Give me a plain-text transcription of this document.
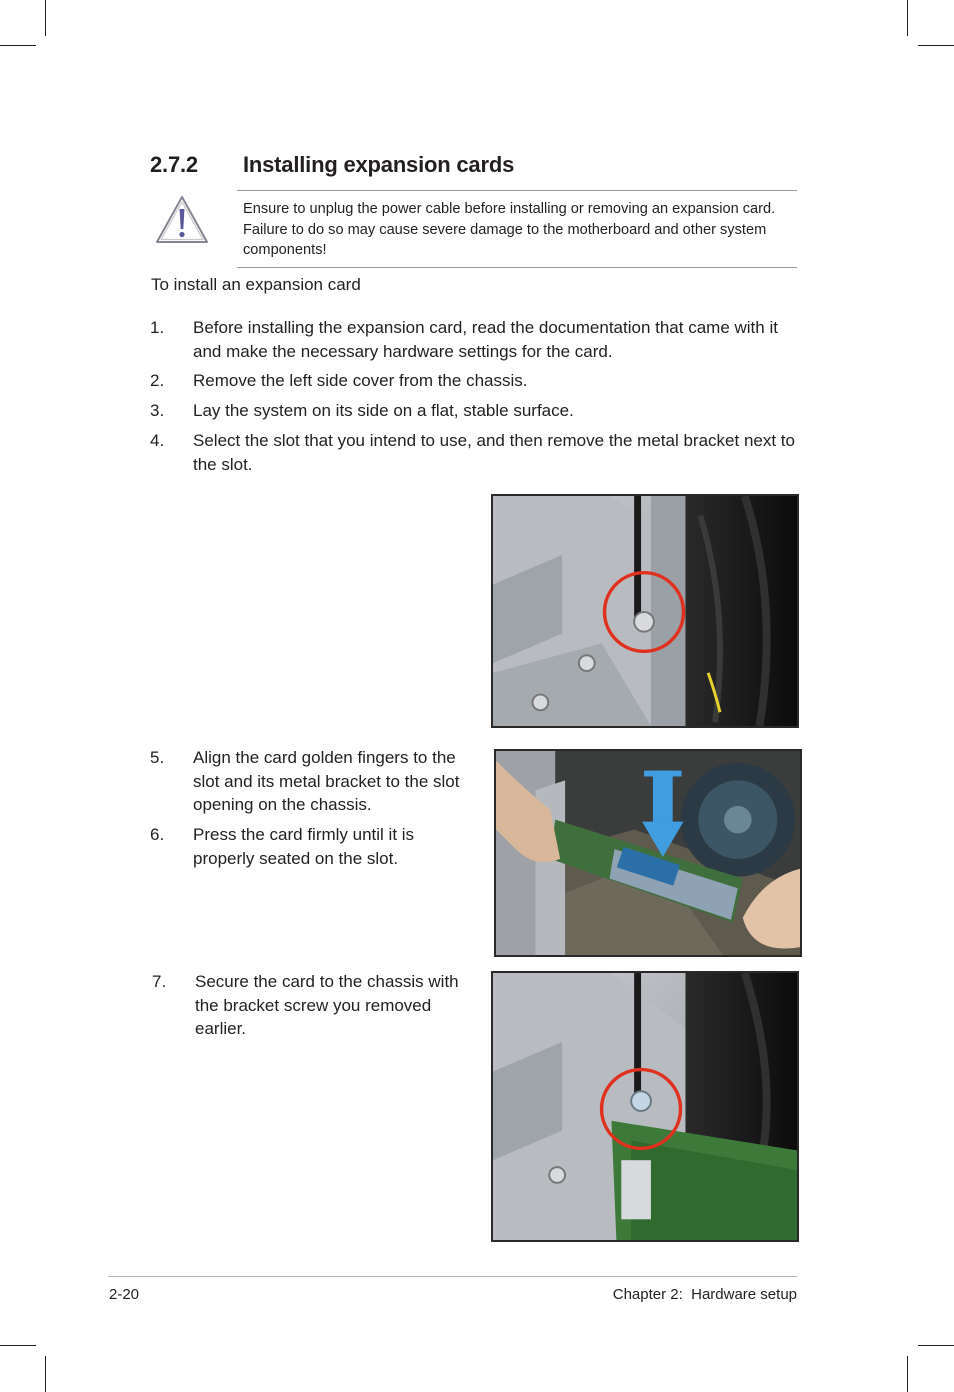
2.7.2 Installing expansion cards
Ensure to unplug the power cable before installing or removing an expansion card. Failure to do so may cause severe damage to the motherboard and other system components!
To install an expansion card
1. Before installing the expansion card, read the documentation that came with it and make the necessary hardware settings for the card.
2. Remove the left side cover from the chassis.
3. Lay the system on its side on a flat, stable surface.
4. Select the slot that you intend to use, and then remove the metal bracket next to the slot.
5. Align the card golden fingers to the slot and its metal bracket to the slot opening on the chassis.
6. Press the card firmly until it is properly seated on the slot.
7. Secure the card to the chassis with the bracket screw you removed earlier.
2-20	Chapter 2:  Hardware setup
